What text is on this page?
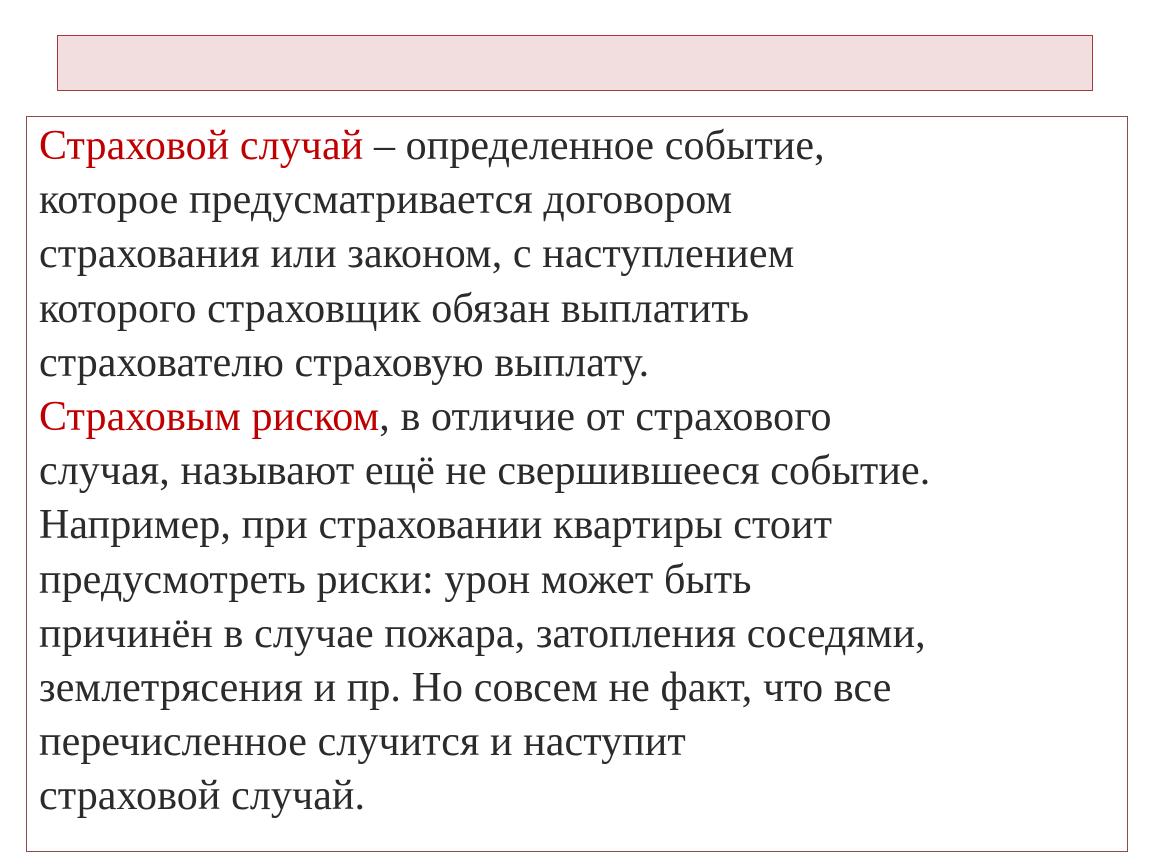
Страховой случай – определенное событие,
которое предусматривается договором
страхования или законом, с наступлением
которого страховщик обязан выплатить
страхователю страховую выплату.
Страховым риском, в отличие от страхового
случая, называют ещё не свершившееся событие.
Например, при страховании квартиры стоит
предусмотреть риски: урон может быть
причинён в случае пожара, затопления соседями,
землетрясения и пр. Но совсем не факт, что все
перечисленное случится и наступит
страховой случай.
